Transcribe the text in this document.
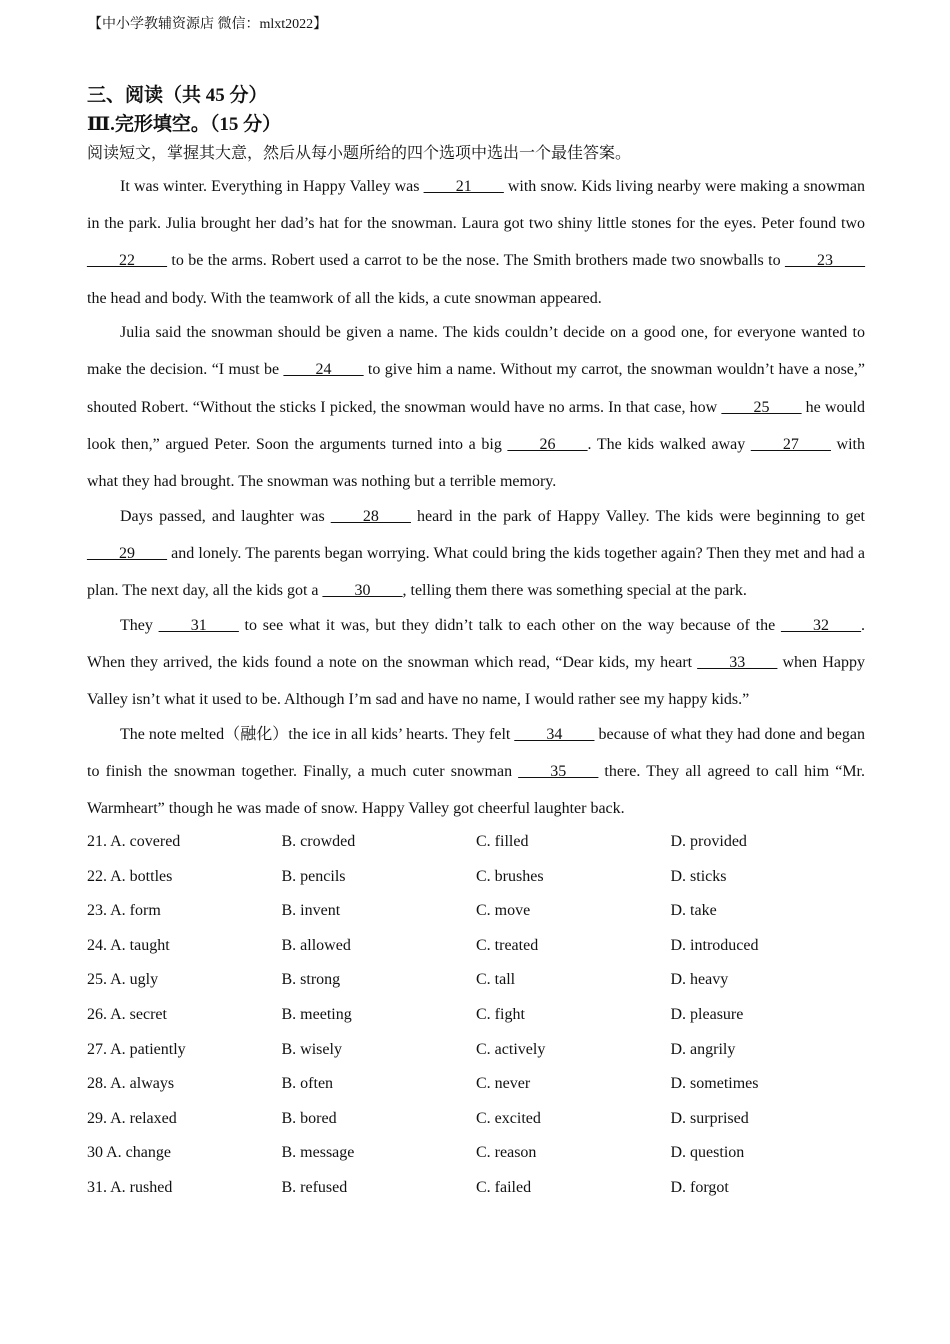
【中小学教辅资源店 微信：mlxt2022】
三、阅读（共 45 分）
Ⅲ.完形填空。（15 分）
阅读短文，掌握其大意，然后从每小题所给的四个选项中选出一个最佳答案。

It was winter. Everything in Happy Valley was ____21____ with snow. Kids living nearby were making a snowman in the park. Julia brought her dad’s hat for the snowman. Laura got two shiny little stones for the eyes. Peter found two ____22____ to be the arms. Robert used a carrot to be the nose. The Smith brothers made two snowballs to ____23____ the head and body. With the teamwork of all the kids, a cute snowman appeared.

Julia said the snowman should be given a name. The kids couldn’t decide on a good one, for everyone wanted to make the decision. “I must be ____24____ to give him a name. Without my carrot, the snowman wouldn’t have a nose,” shouted Robert. “Without the sticks I picked, the snowman would have no arms. In that case, how ____25____ he would look then,” argued Peter. Soon the arguments turned into a big ____26____. The kids walked away ____27____ with what they had brought. The snowman was nothing but a terrible memory.

Days passed, and laughter was ____28____ heard in the park of Happy Valley. The kids were beginning to get ____29____ and lonely. The parents began worrying. What could bring the kids together again? Then they met and had a plan. The next day, all the kids got a ____30____, telling them there was something special at the park.

They ____31____ to see what it was, but they didn’t talk to each other on the way because of the ____32____. When they arrived, the kids found a note on the snowman which read, “Dear kids, my heart ____33____ when Happy Valley isn’t what it used to be. Although I’m sad and have no name, I would rather see my happy kids.”

The note melted（融化）the ice in all kids’ hearts. They felt ____34____ because of what they had done and began to finish the snowman together. Finally, a much cuter snowman ____35____ there. They all agreed to call him “Mr. Warmheart” though he was made of snow. Happy Valley got cheerful laughter back.

21. A. covered	B. crowded	C. filled	D. provided
22. A. bottles	B. pencils	C. brushes	D. sticks
23. A. form	B. invent	C. move	D. take
24. A. taught	B. allowed	C. treated	D. introduced
25. A. ugly	B. strong	C. tall	D. heavy
26. A. secret	B. meeting	C. fight	D. pleasure
27. A. patiently	B. wisely	C. actively	D. angrily
28. A. always	B. often	C. never	D. sometimes
29. A. relaxed	B. bored	C. excited	D. surprised
30 A. change	B. message	C. reason	D. question
31. A. rushed	B. refused	C. failed	D. forgot
